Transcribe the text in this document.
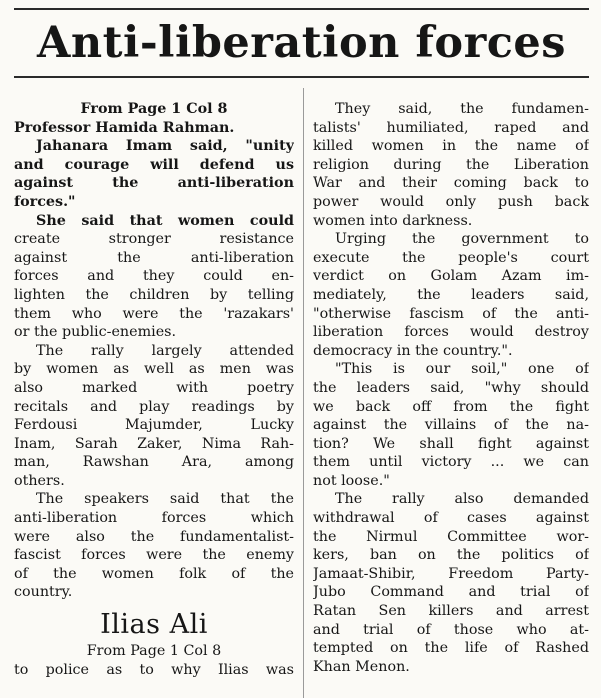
Anti-liberation forces
From Page 1 Col 8
Professor Hamida Rahman.
Jahanara Imam said, "unity
and courage will defend us
against the anti-liberation
forces."
She said that women could
create stronger resistance
against the anti-liberation
forces and they could en-
lighten the children by telling
them who were the 'razakars'
or the public-enemies.
The rally largely attended
by women as well as men was
also marked with poetry
recitals and play readings by
Ferdousi Majumder, Lucky
Inam, Sarah Zaker, Nima Rah-
man, Rawshan Ara, among
others.
The speakers said that the
anti-liberation forces which
were also the fundamentalist-
fascist forces were the enemy
of the women folk of the
country.
Ilias Ali
From Page 1 Col 8
to police as to why Ilias was
They said, the fundamen-
talists' humiliated, raped and
killed women in the name of
religion during the Liberation
War and their coming back to
power would only push back
women into darkness.
Urging the government to
execute the people's court
verdict on Golam Azam im-
mediately, the leaders said,
"otherwise fascism of the anti-
liberation forces would destroy
democracy in the country.".
"This is our soil," one of
the leaders said, "why should
we back off from the fight
against the villains of the na-
tion? We shall fight against
them until victory ... we can
not loose."
The rally also demanded
withdrawal of cases against
the Nirmul Committee wor-
kers, ban on the politics of
Jamaat-Shibir, Freedom Party-
Jubo Command and trial of
Ratan Sen killers and arrest
and trial of those who at-
tempted on the life of Rashed
Khan Menon.
